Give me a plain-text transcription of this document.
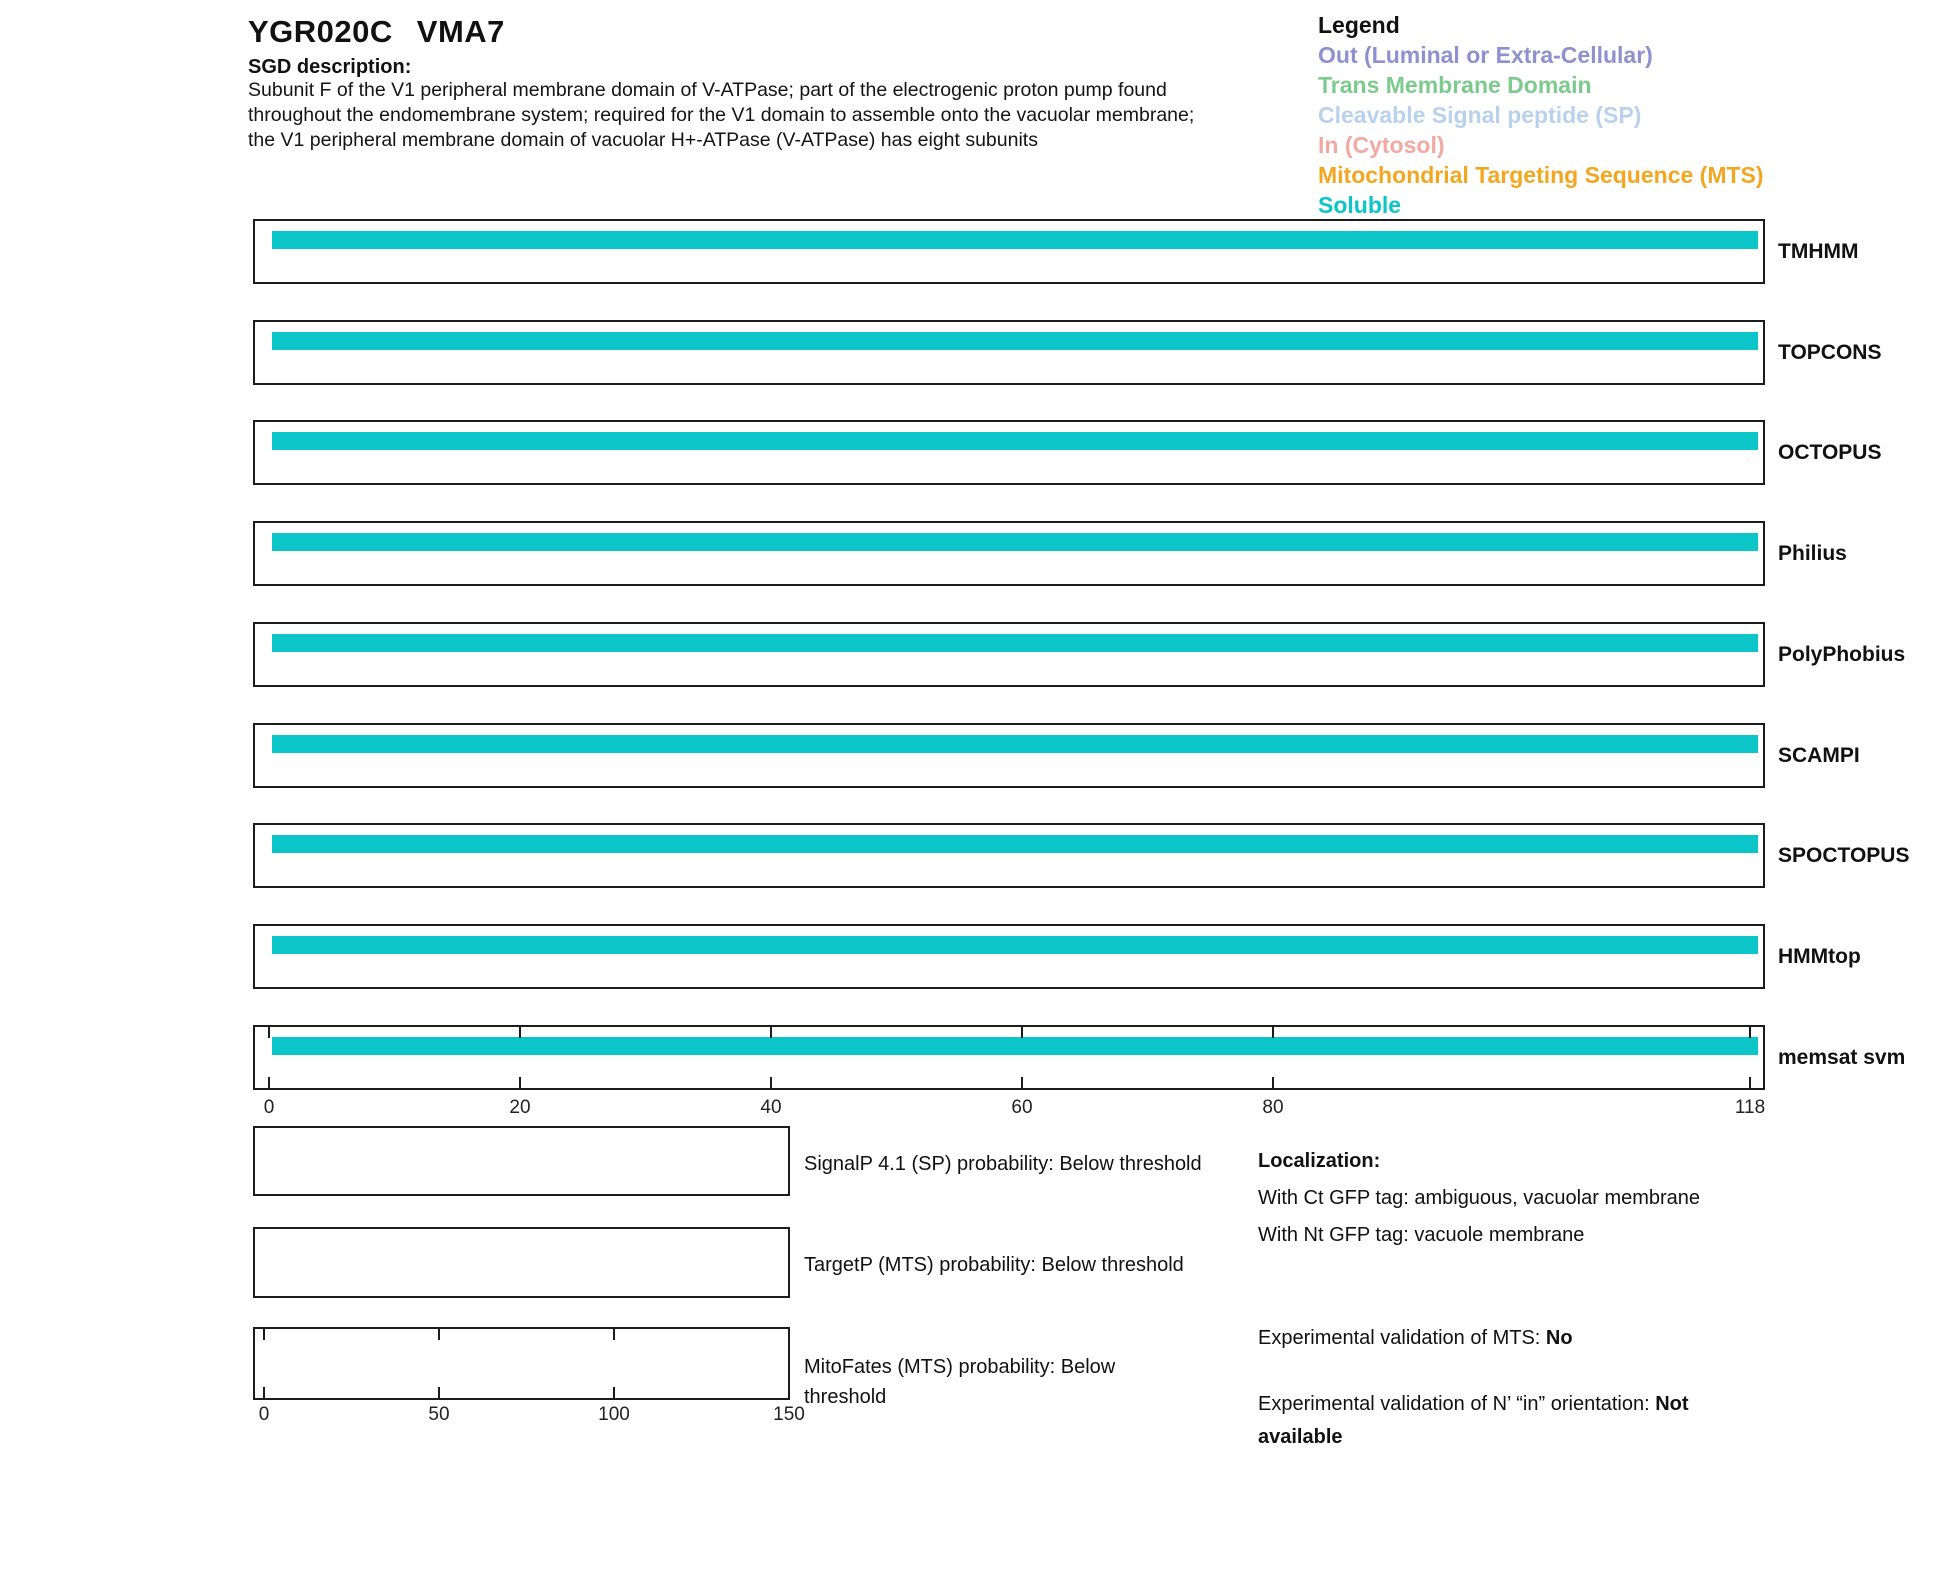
YGR020C VMA7
SGD description:
Subunit F of the V1 peripheral membrane domain of V-ATPase; part of the electrogenic proton pump found
throughout the endomembrane system; required for the V1 domain to assemble onto the vacuolar membrane;
the V1 peripheral membrane domain of vacuolar H+-ATPase (V-ATPase) has eight subunits
Legend
Out (Luminal or Extra-Cellular)
Trans Membrane Domain
Cleavable Signal peptide (SP)
In (Cytosol)
Mitochondrial Targeting Sequence (MTS)
Soluble
Localization:
With Ct GFP tag: ambiguous, vacuolar membrane
With Nt GFP tag: vacuole membrane
Experimental validation of MTS: No
Experimental validation of N’ “in” orientation: Not
available
TMHMM
TOPCONS
OCTOPUS
Philius
PolyPhobius
SCAMPI
SPOCTOPUS
HMMtop
memsat svm
0	20	40	60	80	118
SignalP 4.1 (SP) probability: Below threshold
TargetP (MTS) probability: Below threshold
MitoFates (MTS) probability: Below threshold
0	50	100	150
